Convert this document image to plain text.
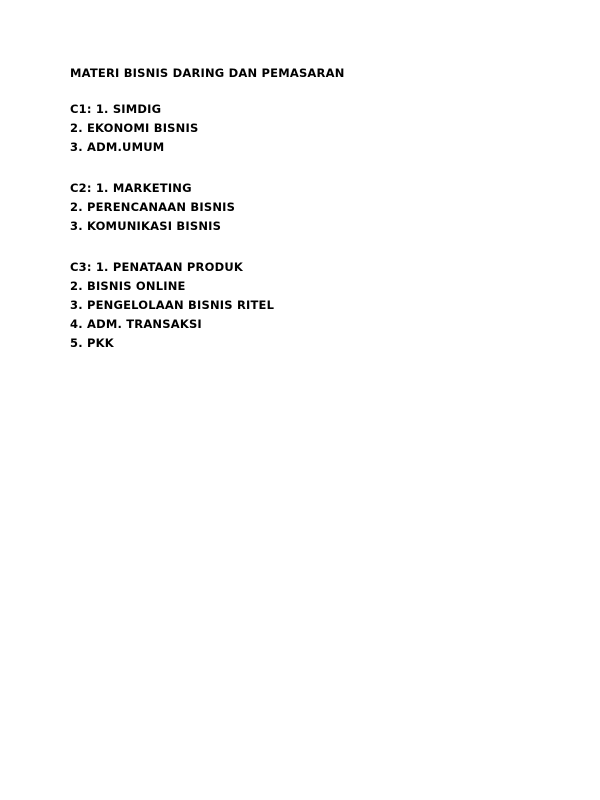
MATERI BISNIS DARING DAN PEMASARAN
C1: 1. SIMDIG
2. EKONOMI BISNIS
3. ADM.UMUM
C2: 1. MARKETING
2. PERENCANAAN BISNIS
3. KOMUNIKASI BISNIS
C3: 1. PENATAAN PRODUK
2. BISNIS ONLINE
3. PENGELOLAAN BISNIS RITEL
4. ADM. TRANSAKSI
5. PKK
